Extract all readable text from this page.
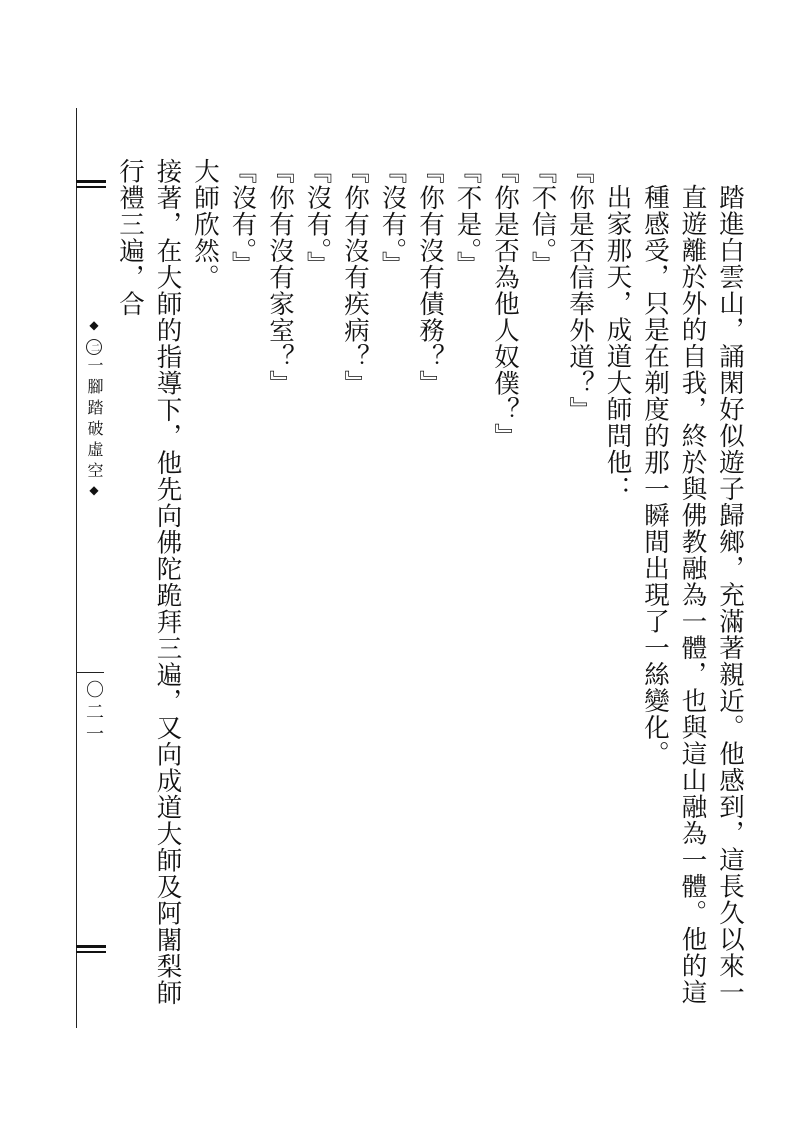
◆二一腳踏破虛空◆
〇二一	踏進白雲山，誦閑好似遊子歸鄉，充滿著親近。他感到，這長久以來一直遊離於外的自我，終於與佛教融為一體，也與這山融為一體。他的這種感受，只是在剃度的那一瞬間出現了一絲變化。

出家那天，成道大師問他：

『你是否信奉外道？』

『不信。』

『你是否為他人奴僕？』

『不是。』

『你有沒有債務？』

『沒有。』

『你有沒有疾病？』

『沒有。』

『你有沒有家室？』

『沒有。』

大師欣然。

接著，在大師的指導下，他先向佛陀跪拜三遍，又向成道大師及阿闍梨師行禮三遍，合
